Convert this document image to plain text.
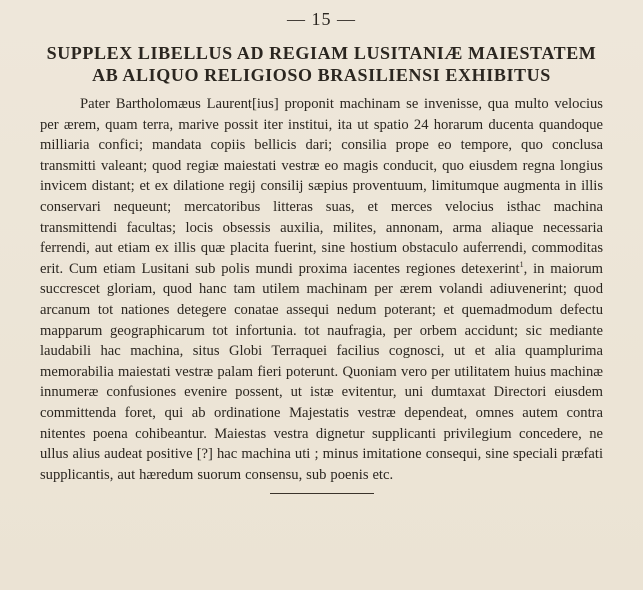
— 15 —
SUPPLEX LIBELLUS AD REGIAM LUSITANIÆ MAIESTATEM
AB ALIQUO RELIGIOSO BRASILIENSI EXHIBITUS

Pater Bartholomæus Laurent[ius] proponit machinam se invenisse, qua multo velocius per ærem, quam terra, marive possit iter institui, ita ut spatio 24 horarum ducenta quandoque milliaria confici; mandata copiis bellicis dari; consilia prope eo tempore, quo conclusa transmitti valeant; quod regiæ maiestati vestræ eo magis conducit, quo eiusdem regna longius invicem distant; et ex dilatione regij consilij sæpius proventuum, limitumque augmenta in illis conservari nequeunt; mercatoribus litteras suas, et merces velocius isthac machina transmittendi facultas; locis obsessis auxilia, milites, annonam, arma aliaque necessaria ferrendi, aut etiam ex illis quæ placita fuerint, sine hostium obstaculo auferrendi, commoditas erit. Cum etiam Lusitani sub polis mundi proxima iacentes regiones detexerint$^1$, in maiorum succrescet gloriam, quod hanc tam utilem machinam per ærem volandi adiuvenerint; quod arcanum tot nationes detegere conatae assequi nedum poterant; et quemadmodum defectu mapparum geographicarum tot infortunia. tot naufragia, per orbem accidunt; sic mediante laudabili hac machina, situs Globi Terraquei facilius cognosci, ut et alia quamplurima memorabilia maiestati vestræ palam fieri poterunt. Quoniam vero per utilitatem huius machinæ innumeræ confusiones evenire possent, ut istæ evitentur, uni dumtaxat Directori eiusdem committenda foret, qui ab ordinatione Majestatis vestræ dependeat, omnes autem contra nitentes poena cohibeantur. Maiestas vestra dignetur supplicanti privilegium concedere, ne ullus alius audeat positive [?] hac machina uti ; minus imitatione consequi, sine speciali præfati supplicantis, aut hæredum suorum consensu, sub poenis etc.
